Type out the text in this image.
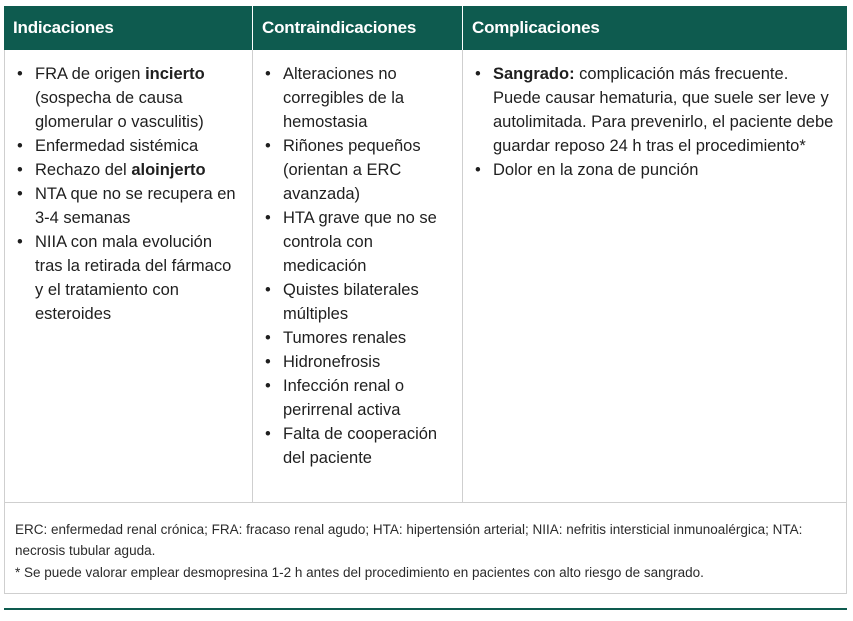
Indicaciones	Contraindicaciones	Complicaciones
• FRA de origen incierto (sospecha de causa glomerular o vasculitis)
• Enfermedad sistémica
• Rechazo del aloinjerto
• NTA que no se recupera en 3-4 semanas
• NIIA con mala evolución tras la retirada del fármaco y el tratamiento con esteroides
• Alteraciones no corregibles de la hemostasia
• Riñones pequeños (orientan a ERC avanzada)
• HTA grave que no se controla con medicación
• Quistes bilaterales múltiples
• Tumores renales
• Hidronefrosis
• Infección renal o perirrenal activa
• Falta de cooperación del paciente
• Sangrado: complicación más frecuente. Puede causar hematuria, que suele ser leve y autolimitada. Para prevenirlo, el paciente debe guardar reposo 24 h tras el procedimiento*
• Dolor en la zona de punción
ERC: enfermedad renal crónica; FRA: fracaso renal agudo; HTA: hipertensión arterial; NIIA: nefritis intersticial inmunoalérgica; NTA: necrosis tubular aguda.
* Se puede valorar emplear desmopresina 1-2 h antes del procedimiento en pacientes con alto riesgo de sangrado.
